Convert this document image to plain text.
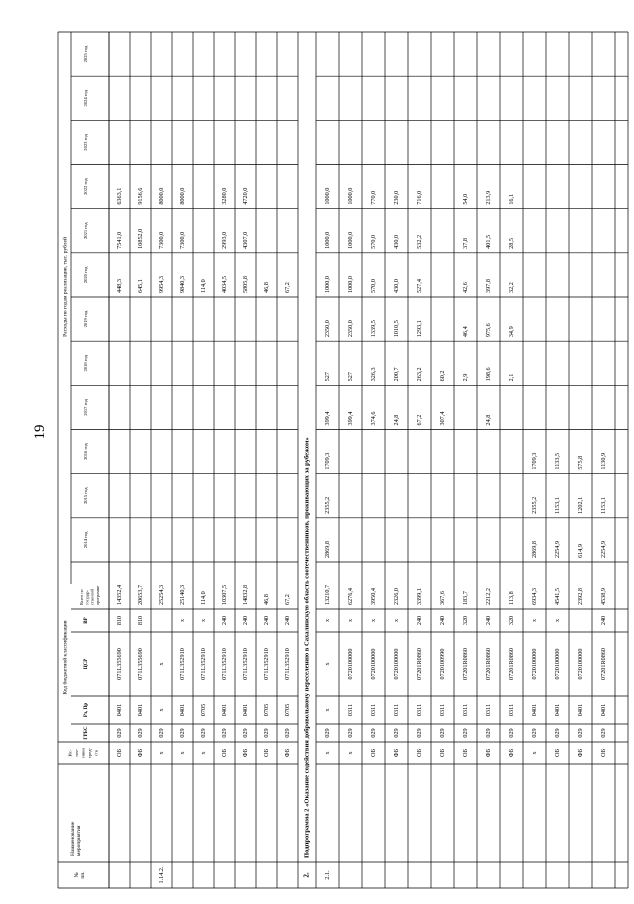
№ пп.
Наименование мероприятия
Ис- точ- ники сред- ств
Код бюджетной классификации
ГРБС
Рз, Пр
ЦСР
ВР
Всего по государ- ственной программе
Расходы по годам реализации, тыс. рублей
2014 год
2015 год
2016 год
2017 год
2018 год
2019 год
2020 год
2021 год
2022 год
2023 год
2024 год
2025 год
ОБ
029
0401
071L355690
810
14352,4
448,3
7541,0
6363,1
ФБ
029
0401
071L355690
810
20653,7
645,1
10852,0
9156,6
1.14.2.
х
029
х
х
25254,3
9954,3
7300,0
8000,0
х
029
0401
071L352910
х
25140,3
9840,3
7300,0
8000,0
х
029
0705
071L352910
х
114,0
114,0
ОБ
029
0401
071L352910
240
10307,5
4034,5
2993,0
3280,0
ФБ
029
0401
071L352910
240
14832,8
5805,8
4307,0
4720,0
ОБ
029
0705
071L352910
240
46,8
46,8
ФБ
029
0705
071L352910
240
67,2
67,2
2.
Подпрограмма 2 «Оказание содействия добровольному переселению в Сахалинскую область соотечественников, проживающих за рубежом»
2.1.
х
029
х
х
х
13210,7
2869,8
2355,2
1709,3
399,4
527
2350,0
1000,0
1000,0
1000,0
х
029
0311
0720100000
х
6276,4
399,4
527
2350,0
1000,0
1000,0
1000,0
ОБ
029
0311
0720100000
х
3950,4
374,6
326,3
1339,5
570,0
570,0
770,0
ФБ
029
0311
0720100000
х
2326,0
24,8
200,7
1010,5
430,0
430,0
230,0
ОБ
029
0311
07201R0860
240
3399,1
67,2
263,2
1293,1
527,4
532,2
716,0
ОБ
029
0311
0720100990
240
367,6
307,4
60,2
ОБ
029
0311
07201R0860
320
183,7
2,9
46,4
42,6
37,8
54,0
ФБ
029
0311
07201R0860
240
2212,2
24,8
198,6
975,6
397,8
401,5
213,9
ФБ
029
0311
07201R0860
320
113,8
2,1
34,9
32,2
28,5
16,1
х
029
0401
0720100000
х
6934,3
2869,8
2355,2
1709,3
ОБ
029
0401
0720100000
х
4541,5
2254,9
1153,1
1133,5
ФБ
029
0401
0720100000
2392,8
614,9
1202,1
575,8
ОБ
029
0401
07201R0860
240
4538,9
2254,9
1153,1
1130,9
19
